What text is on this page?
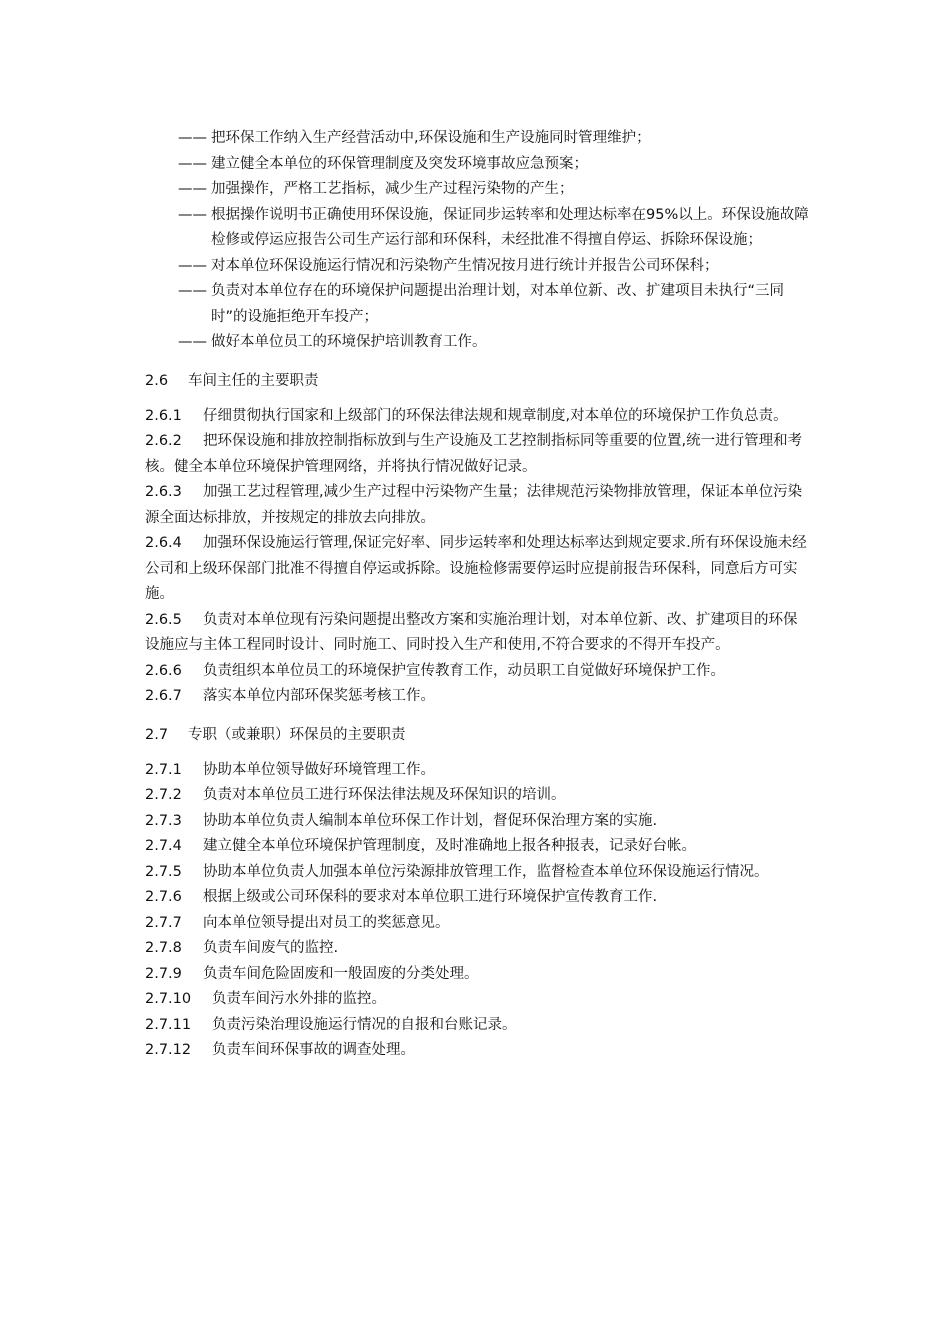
—— 把环保工作纳入生产经营活动中,环保设施和生产设施同时管理维护；
—— 建立健全本单位的环保管理制度及突发环境事故应急预案；
—— 加强操作，严格工艺指标，减少生产过程污染物的产生；
—— 根据操作说明书正确使用环保设施，保证同步运转率和处理达标率在95%以上。环保设施故障检修或停运应报告公司生产运行部和环保科，未经批准不得擅自停运、拆除环保设施；
—— 对本单位环保设施运行情况和污染物产生情况按月进行统计并报告公司环保科；
—— 负责对本单位存在的环境保护问题提出治理计划，对本单位新、改、扩建项目未执行“三同时”的设施拒绝开车投产；
—— 做好本单位员工的环境保护培训教育工作。
2.6 车间主任的主要职责
2.6.1 仔细贯彻执行国家和上级部门的环保法律法规和规章制度,对本单位的环境保护工作负总责。
2.6.2 把环保设施和排放控制指标放到与生产设施及工艺控制指标同等重要的位置,统一进行管理和考核。健全本单位环境保护管理网络，并将执行情况做好记录。
2.6.3 加强工艺过程管理,减少生产过程中污染物产生量；法律规范污染物排放管理，保证本单位污染源全面达标排放，并按规定的排放去向排放。
2.6.4 加强环保设施运行管理,保证完好率、同步运转率和处理达标率达到规定要求.所有环保设施未经公司和上级环保部门批准不得擅自停运或拆除。设施检修需要停运时应提前报告环保科，同意后方可实施。
2.6.5 负责对本单位现有污染问题提出整改方案和实施治理计划，对本单位新、改、扩建项目的环保设施应与主体工程同时设计、同时施工、同时投入生产和使用,不符合要求的不得开车投产。
2.6.6 负责组织本单位员工的环境保护宣传教育工作，动员职工自觉做好环境保护工作。
2.6.7 落实本单位内部环保奖惩考核工作。
2.7 专职（或兼职）环保员的主要职责
2.7.1 协助本单位领导做好环境管理工作。
2.7.2 负责对本单位员工进行环保法律法规及环保知识的培训。
2.7.3 协助本单位负责人编制本单位环保工作计划，督促环保治理方案的实施.
2.7.4 建立健全本单位环境保护管理制度，及时准确地上报各种报表，记录好台帐。
2.7.5 协助本单位负责人加强本单位污染源排放管理工作，监督检查本单位环保设施运行情况。
2.7.6 根据上级或公司环保科的要求对本单位职工进行环境保护宣传教育工作.
2.7.7 向本单位领导提出对员工的奖惩意见。
2.7.8 负责车间废气的监控.
2.7.9 负责车间危险固废和一般固废的分类处理。
2.7.10 负责车间污水外排的监控。
2.7.11 负责污染治理设施运行情况的自报和台账记录。
2.7.12 负责车间环保事故的调查处理。
